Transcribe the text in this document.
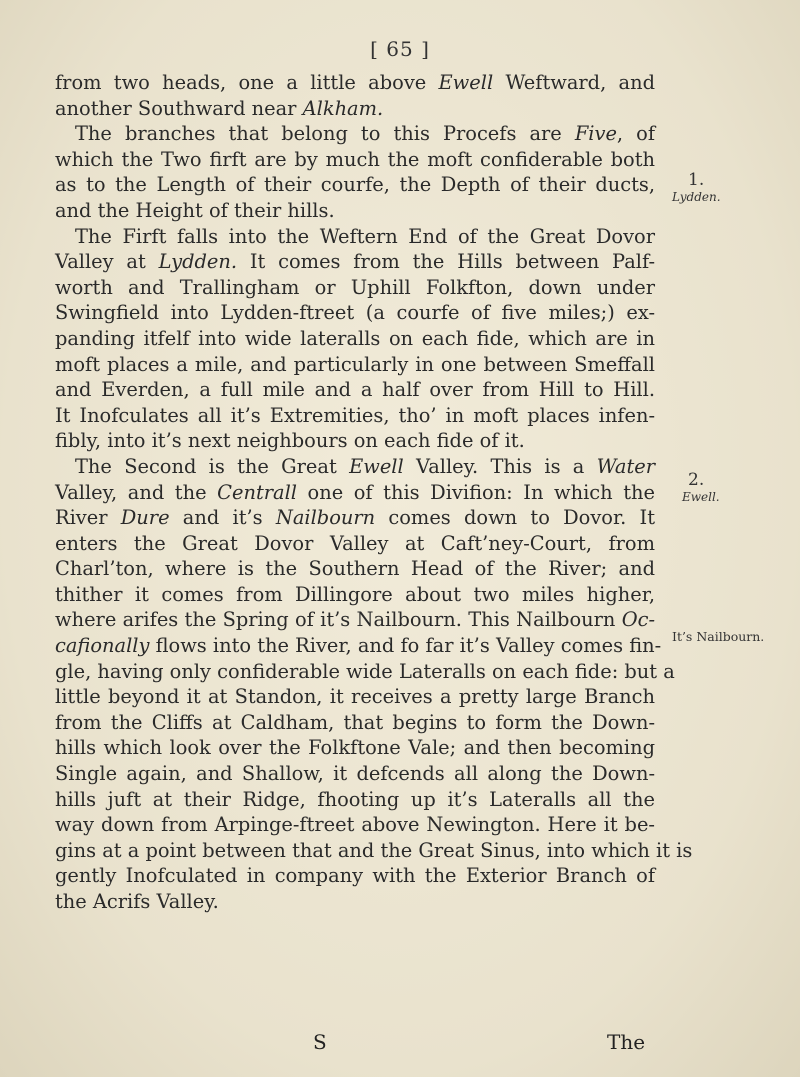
[ 65 ]
from two heads, one a little above Ewell Weftward, and
another Southward near Alkham.
The branches that belong to this Procefs are Five, of
which the Two firft are by much the moft confiderable both
as to the Length of their courfe, the Depth of their ducts,
and the Height of their hills.
The Firft falls into the Weftern End of the Great Dovor
Valley at Lydden. It comes from the Hills between Palf-
worth and Trallingham or Uphill Folkfton, down under
Swingfield into Lydden-ftreet (a courfe of five miles;) ex-
panding itfelf into wide lateralls on each fide, which are in
moft places a mile, and particularly in one between Smeffall
and Everden, a full mile and a half over from Hill to Hill.
It Inofculates all it’s Extremities, tho’ in moft places infen-
fibly, into it’s next neighbours on each fide of it.
The Second is the Great Ewell Valley. This is a Water
Valley, and the Centrall one of this Divifion: In which the
River Dure and it’s Nailbourn comes down to Dovor. It
enters the Great Dovor Valley at Caft’ney-Court, from
Charl’ton, where is the Southern Head of the River; and
thither it comes from Dillingore about two miles higher,
where arifes the Spring of it’s Nailbourn. This Nailbourn Oc-
cafionally flows into the River, and fo far it’s Valley comes fin-
gle, having only confiderable wide Lateralls on each fide: but a
little beyond it at Standon, it receives a pretty large Branch
from the Cliffs at Caldham, that begins to form the Down-
hills which look over the Folkftone Vale; and then becoming
Single again, and Shallow, it defcends all along the Down-
hills juft at their Ridge, fhooting up it’s Lateralls all the
way down from Arpinge-ftreet above Newington. Here it be-
gins at a point between that and the Great Sinus, into which it is
gently Inofculated in company with the Exterior Branch of
the Acrifs Valley.
1.
Lydden.
2.
Ewell.
It’s Nailbourn.
S	The
